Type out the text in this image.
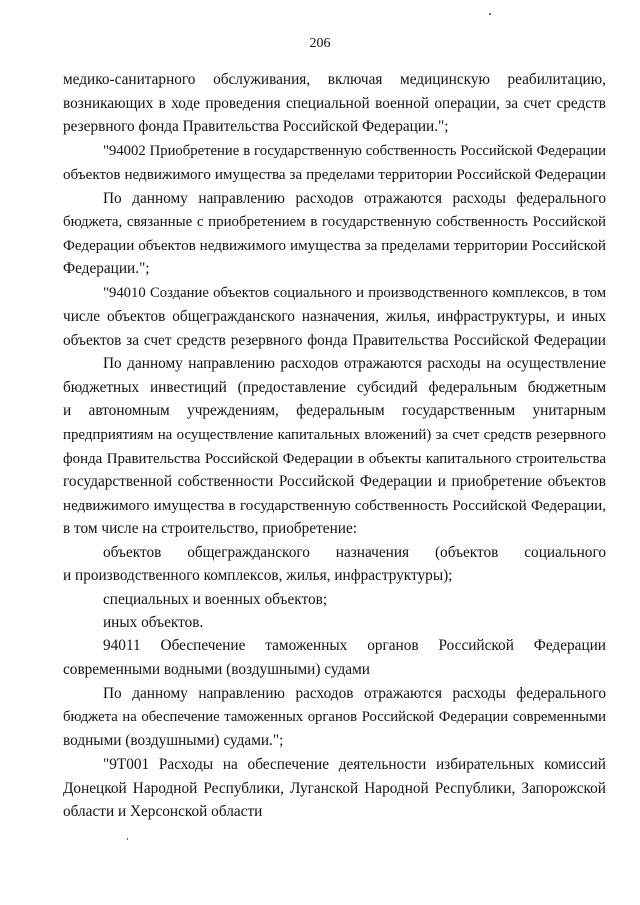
206
медико-санитарного обслуживания, включая медицинскую реабилитацию,
возникающих в ходе проведения специальной военной операции, за счет средств
резервного фонда Правительства Российской Федерации.";
"94002 Приобретение в государственную собственность Российской Федерации
объектов недвижимого имущества за пределами территории Российской Федерации
По данному направлению расходов отражаются расходы федерального
бюджета, связанные с приобретением в государственную собственность Российской
Федерации объектов недвижимого имущества за пределами территории Российской
Федерации.";
"94010 Создание объектов социального и производственного комплексов, в том
числе объектов общегражданского назначения, жилья, инфраструктуры, и иных
объектов за счет средств резервного фонда Правительства Российской Федерации
По данному направлению расходов отражаются расходы на осуществление
бюджетных инвестиций (предоставление субсидий федеральным бюджетным
и автономным учреждениям, федеральным государственным унитарным
предприятиям на осуществление капитальных вложений) за счет средств резервного
фонда Правительства Российской Федерации в объекты капитального строительства
государственной собственности Российской Федерации и приобретение объектов
недвижимого имущества в государственную собственность Российской Федерации,
в том числе на строительство, приобретение:
объектов общегражданского назначения (объектов социального
и производственного комплексов, жилья, инфраструктуры);
специальных и военных объектов;
иных объектов.
94011 Обеспечение таможенных органов Российской Федерации
современными водными (воздушными) судами
По данному направлению расходов отражаются расходы федерального
бюджета на обеспечение таможенных органов Российской Федерации современными
водными (воздушными) судами.";
"9Т001 Расходы на обеспечение деятельности избирательных комиссий
Донецкой Народной Республики, Луганской Народной Республики, Запорожской
области и Херсонской области
